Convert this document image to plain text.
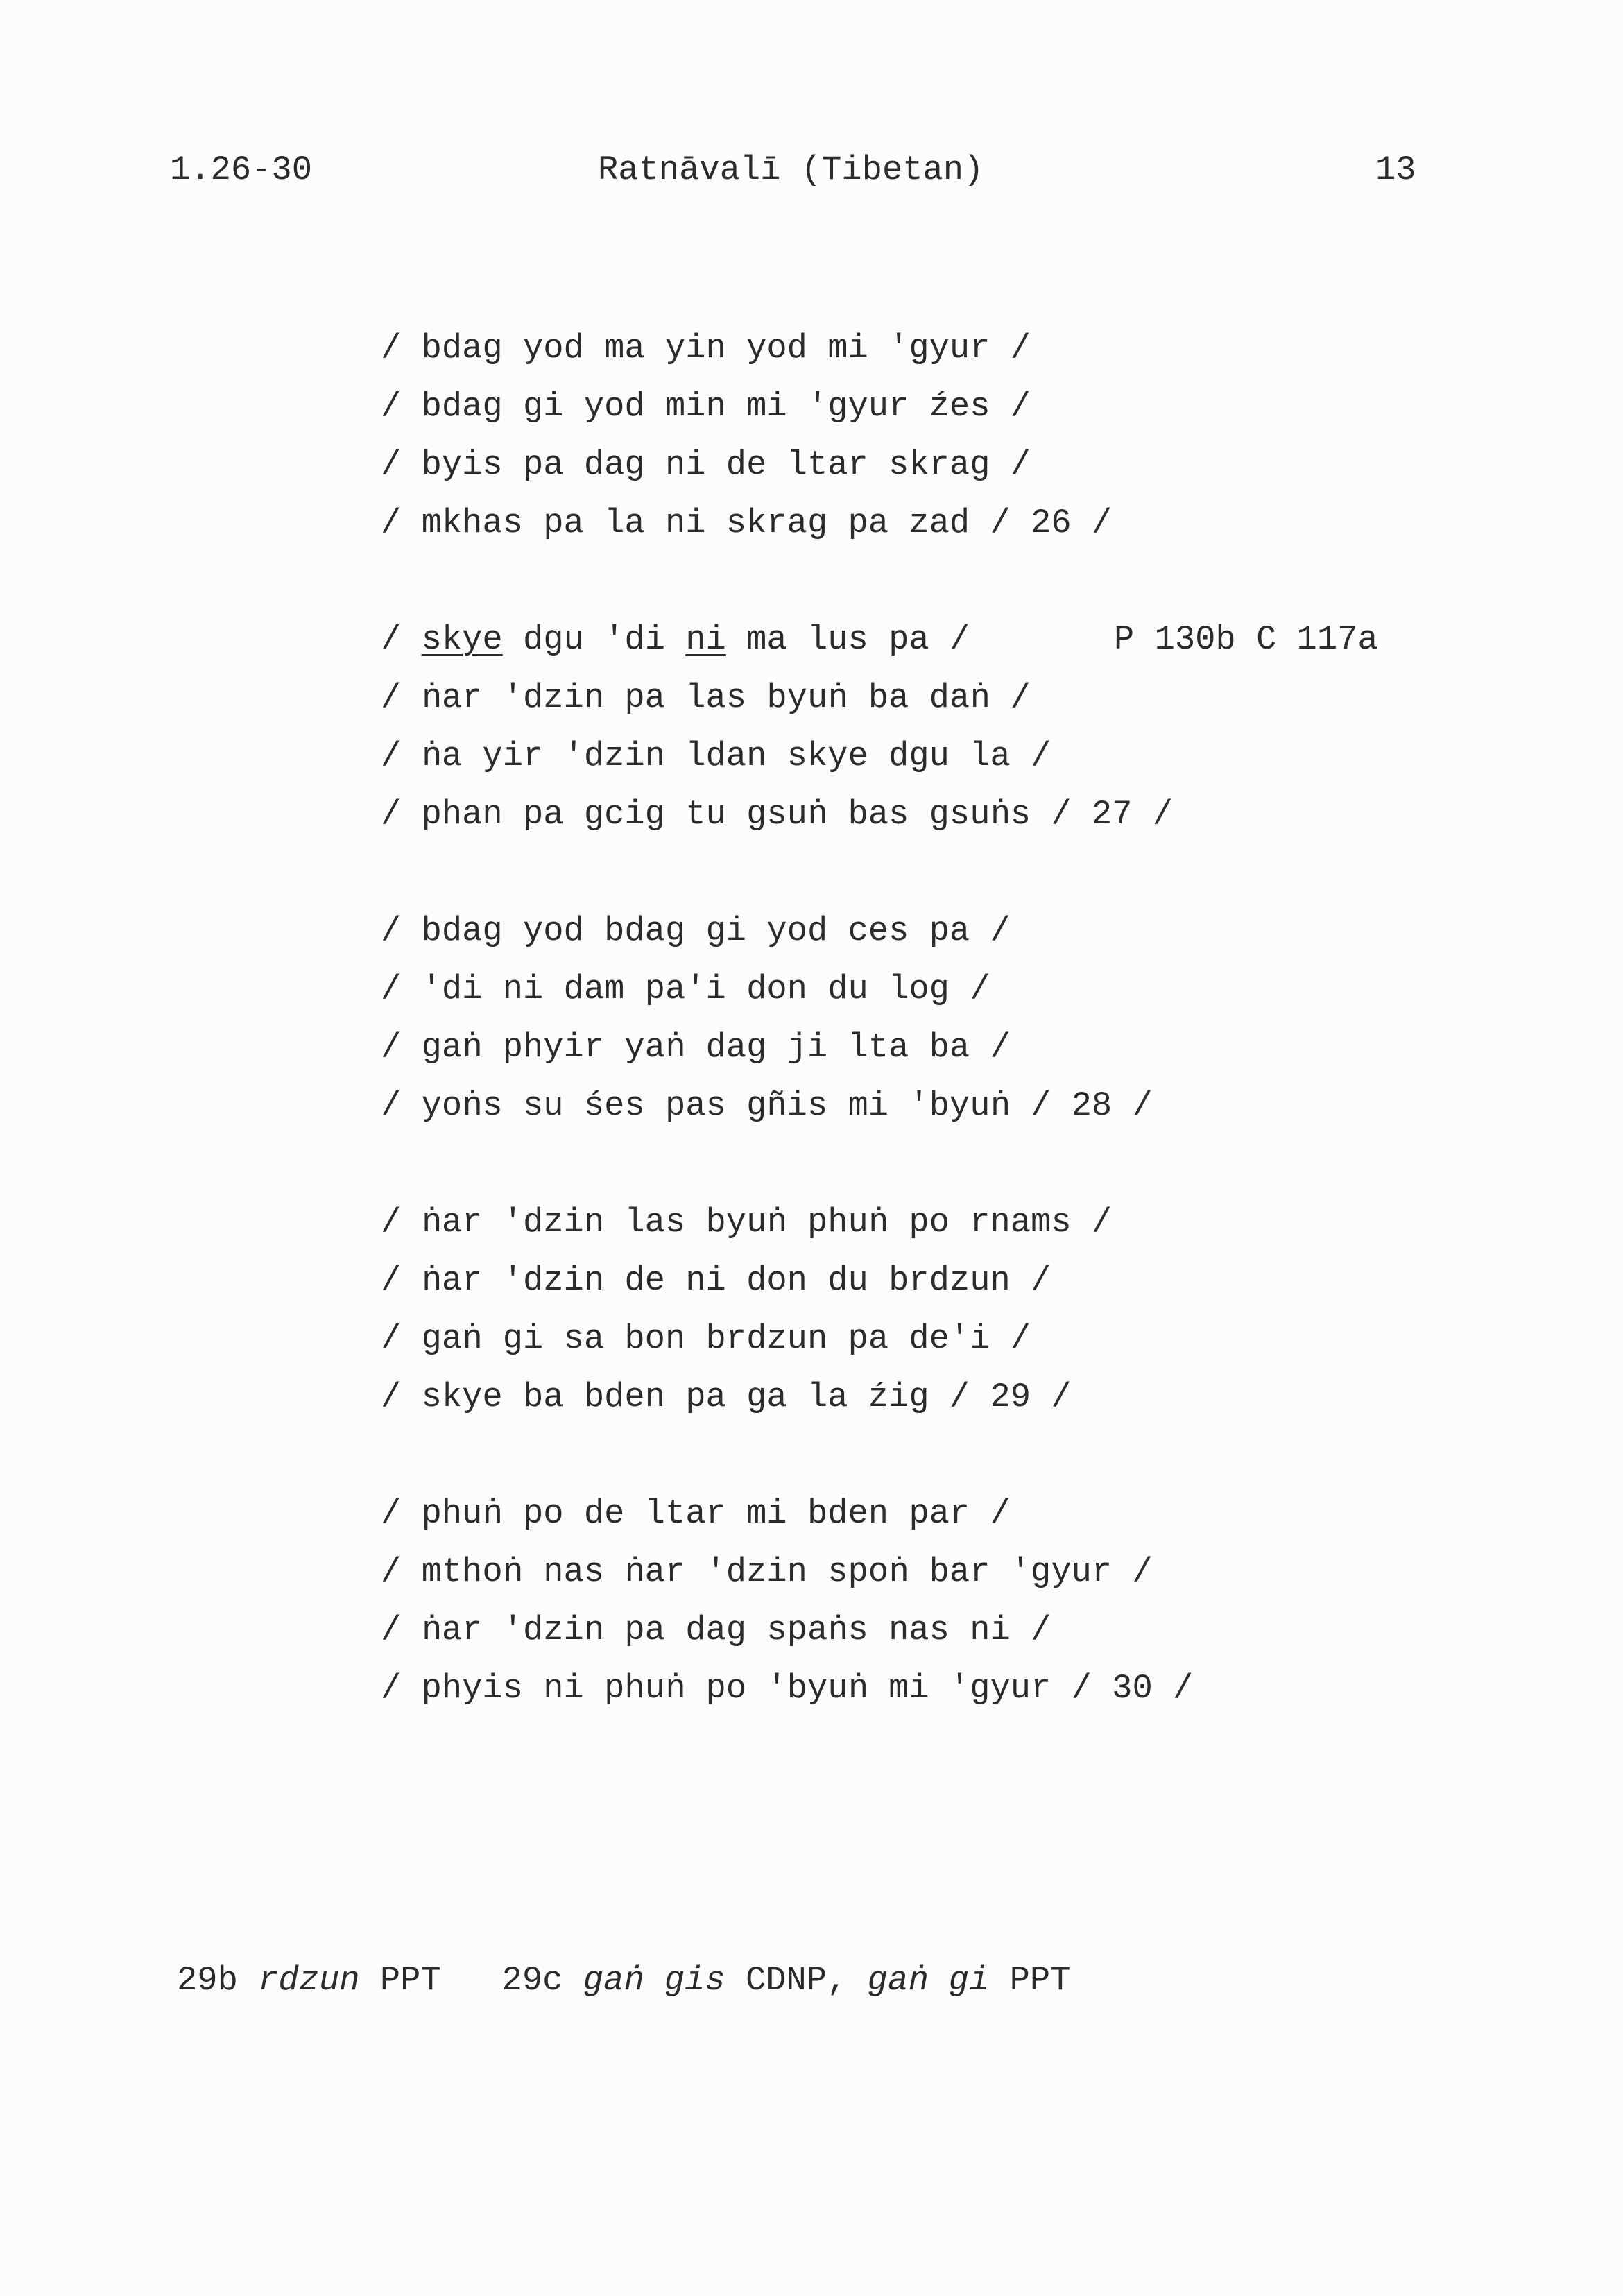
1.26-30	Ratnāvalī (Tibetan)	13
/ bdag yod ma yin yod mi 'gyur /
/ bdag gi yod min mi 'gyur źes /
/ byis pa dag ni de ltar skrag /
/ mkhas pa la ni skrag pa zad / 26 /
/ skye dgu 'di ni ma lus pa /
/ ṅar 'dzin pa las byuṅ ba daṅ /
/ ṅa yir 'dzin ldan skye dgu la /
/ phan pa gcig tu gsuṅ bas gsuṅs / 27 /
/ bdag yod bdag gi yod ces pa /
/ 'di ni dam pa'i don du log /
/ gaṅ phyir yaṅ dag ji lta ba /
/ yoṅs su śes pas gñis mi 'byuṅ / 28 /
/ ṅar 'dzin las byuṅ phuṅ po rnams /
/ ṅar 'dzin de ni don du brdzun /
/ gaṅ gi sa bon brdzun pa de'i /
/ skye ba bden pa ga la źig / 29 /
/ phuṅ po de ltar mi bden par /
/ mthoṅ nas ṅar 'dzin spoṅ bar 'gyur /
/ ṅar 'dzin pa dag spaṅs nas ni /
/ phyis ni phuṅ po 'byuṅ mi 'gyur / 30 /
P 130b C 117a
29b rdzun PPT 29c gaṅ gis CDNP, gaṅ gi PPT
